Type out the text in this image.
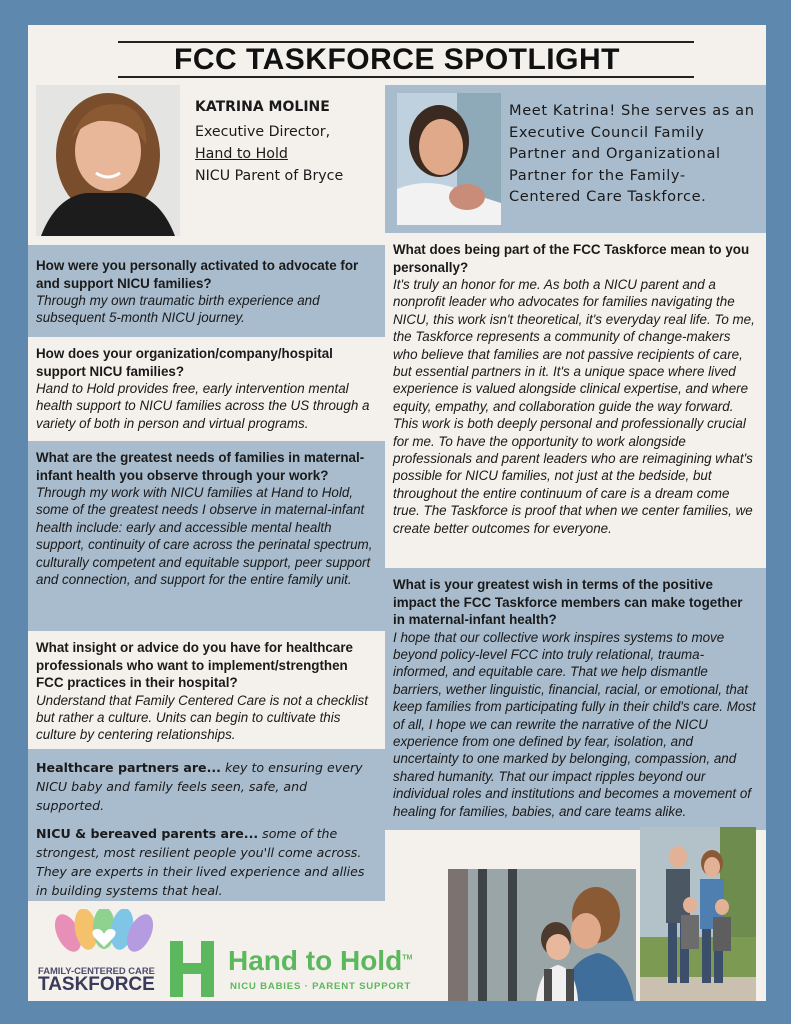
FCC TASKFORCE SPOTLIGHT
KATRINA MOLINE
Executive Director,
Hand to Hold
NICU Parent of Bryce
Meet Katrina! She serves as an Executive Council Family Partner and Organizational Partner for the Family-Centered Care Taskforce.

How were you personally activated to advocate for and support NICU families?

Through my own traumatic birth experience and subsequent 5-month NICU journey.

How does your organization/company/hospital support NICU families?

Hand to Hold provides free, early intervention mental health support to NICU families across the US through a variety of both in person and virtual programs.

What are the greatest needs of families in maternal-infant health you observe through your work?

Through my work with NICU families at Hand to Hold, some of the greatest needs I observe in maternal-infant health include: early and accessible mental health support, continuity of care across the perinatal spectrum, culturally competent and equitable support, peer support and connection, and support for the entire family unit.

What insight or advice do you have for healthcare professionals who want to implement/strengthen FCC practices in their hospital?

Understand that Family Centered Care is not a checklist but rather a culture. Units can begin to cultivate this culture by centering relationships.

Healthcare partners are... key to ensuring every NICU baby and family feels seen, safe, and supported.

NICU & bereaved parents are... some of the strongest, most resilient people you'll come across. They are experts in their lived experience and allies in building systems that heal.

What does being part of the FCC Taskforce mean to you personally?

It's truly an honor for me. As both a NICU parent and a nonprofit leader who advocates for families navigating the NICU, this work isn't theoretical, it's everyday real life. To me, the Taskforce represents a community of change-makers who believe that families are not passive recipients of care, but essential partners in it. It's a unique space where lived experience is valued alongside clinical expertise, and where equity, empathy, and collaboration guide the way forward. This work is both deeply personal and professionally crucial for me. To have the opportunity to work alongside professionals and parent leaders who are reimagining what's possible for NICU families, not just at the bedside, but throughout the entire continuum of care is a dream come true. The Taskforce is proof that when we center families, we create better outcomes for everyone.

What is your greatest wish in terms of the positive impact the FCC Taskforce members can make together in maternal-infant health?

I hope that our collective work inspires systems to move beyond policy-level FCC into truly relational, trauma-informed, and equitable care. That we help dismantle barriers, wether linguistic, financial, racial, or emotional, that keep families from participating fully in their child's care. Most of all, I hope we can rewrite the narrative of the NICU experience from one defined by fear, isolation, and uncertainty to one marked by belonging, compassion, and shared humanity. That our impact ripples beyond our individual roles and institutions and becomes a movement of healing for families, babies, and care teams alike.

FAMILY-CENTERED CARE
TASKFORCE
Hand to Hold™
NICU BABIES · PARENT SUPPORT
